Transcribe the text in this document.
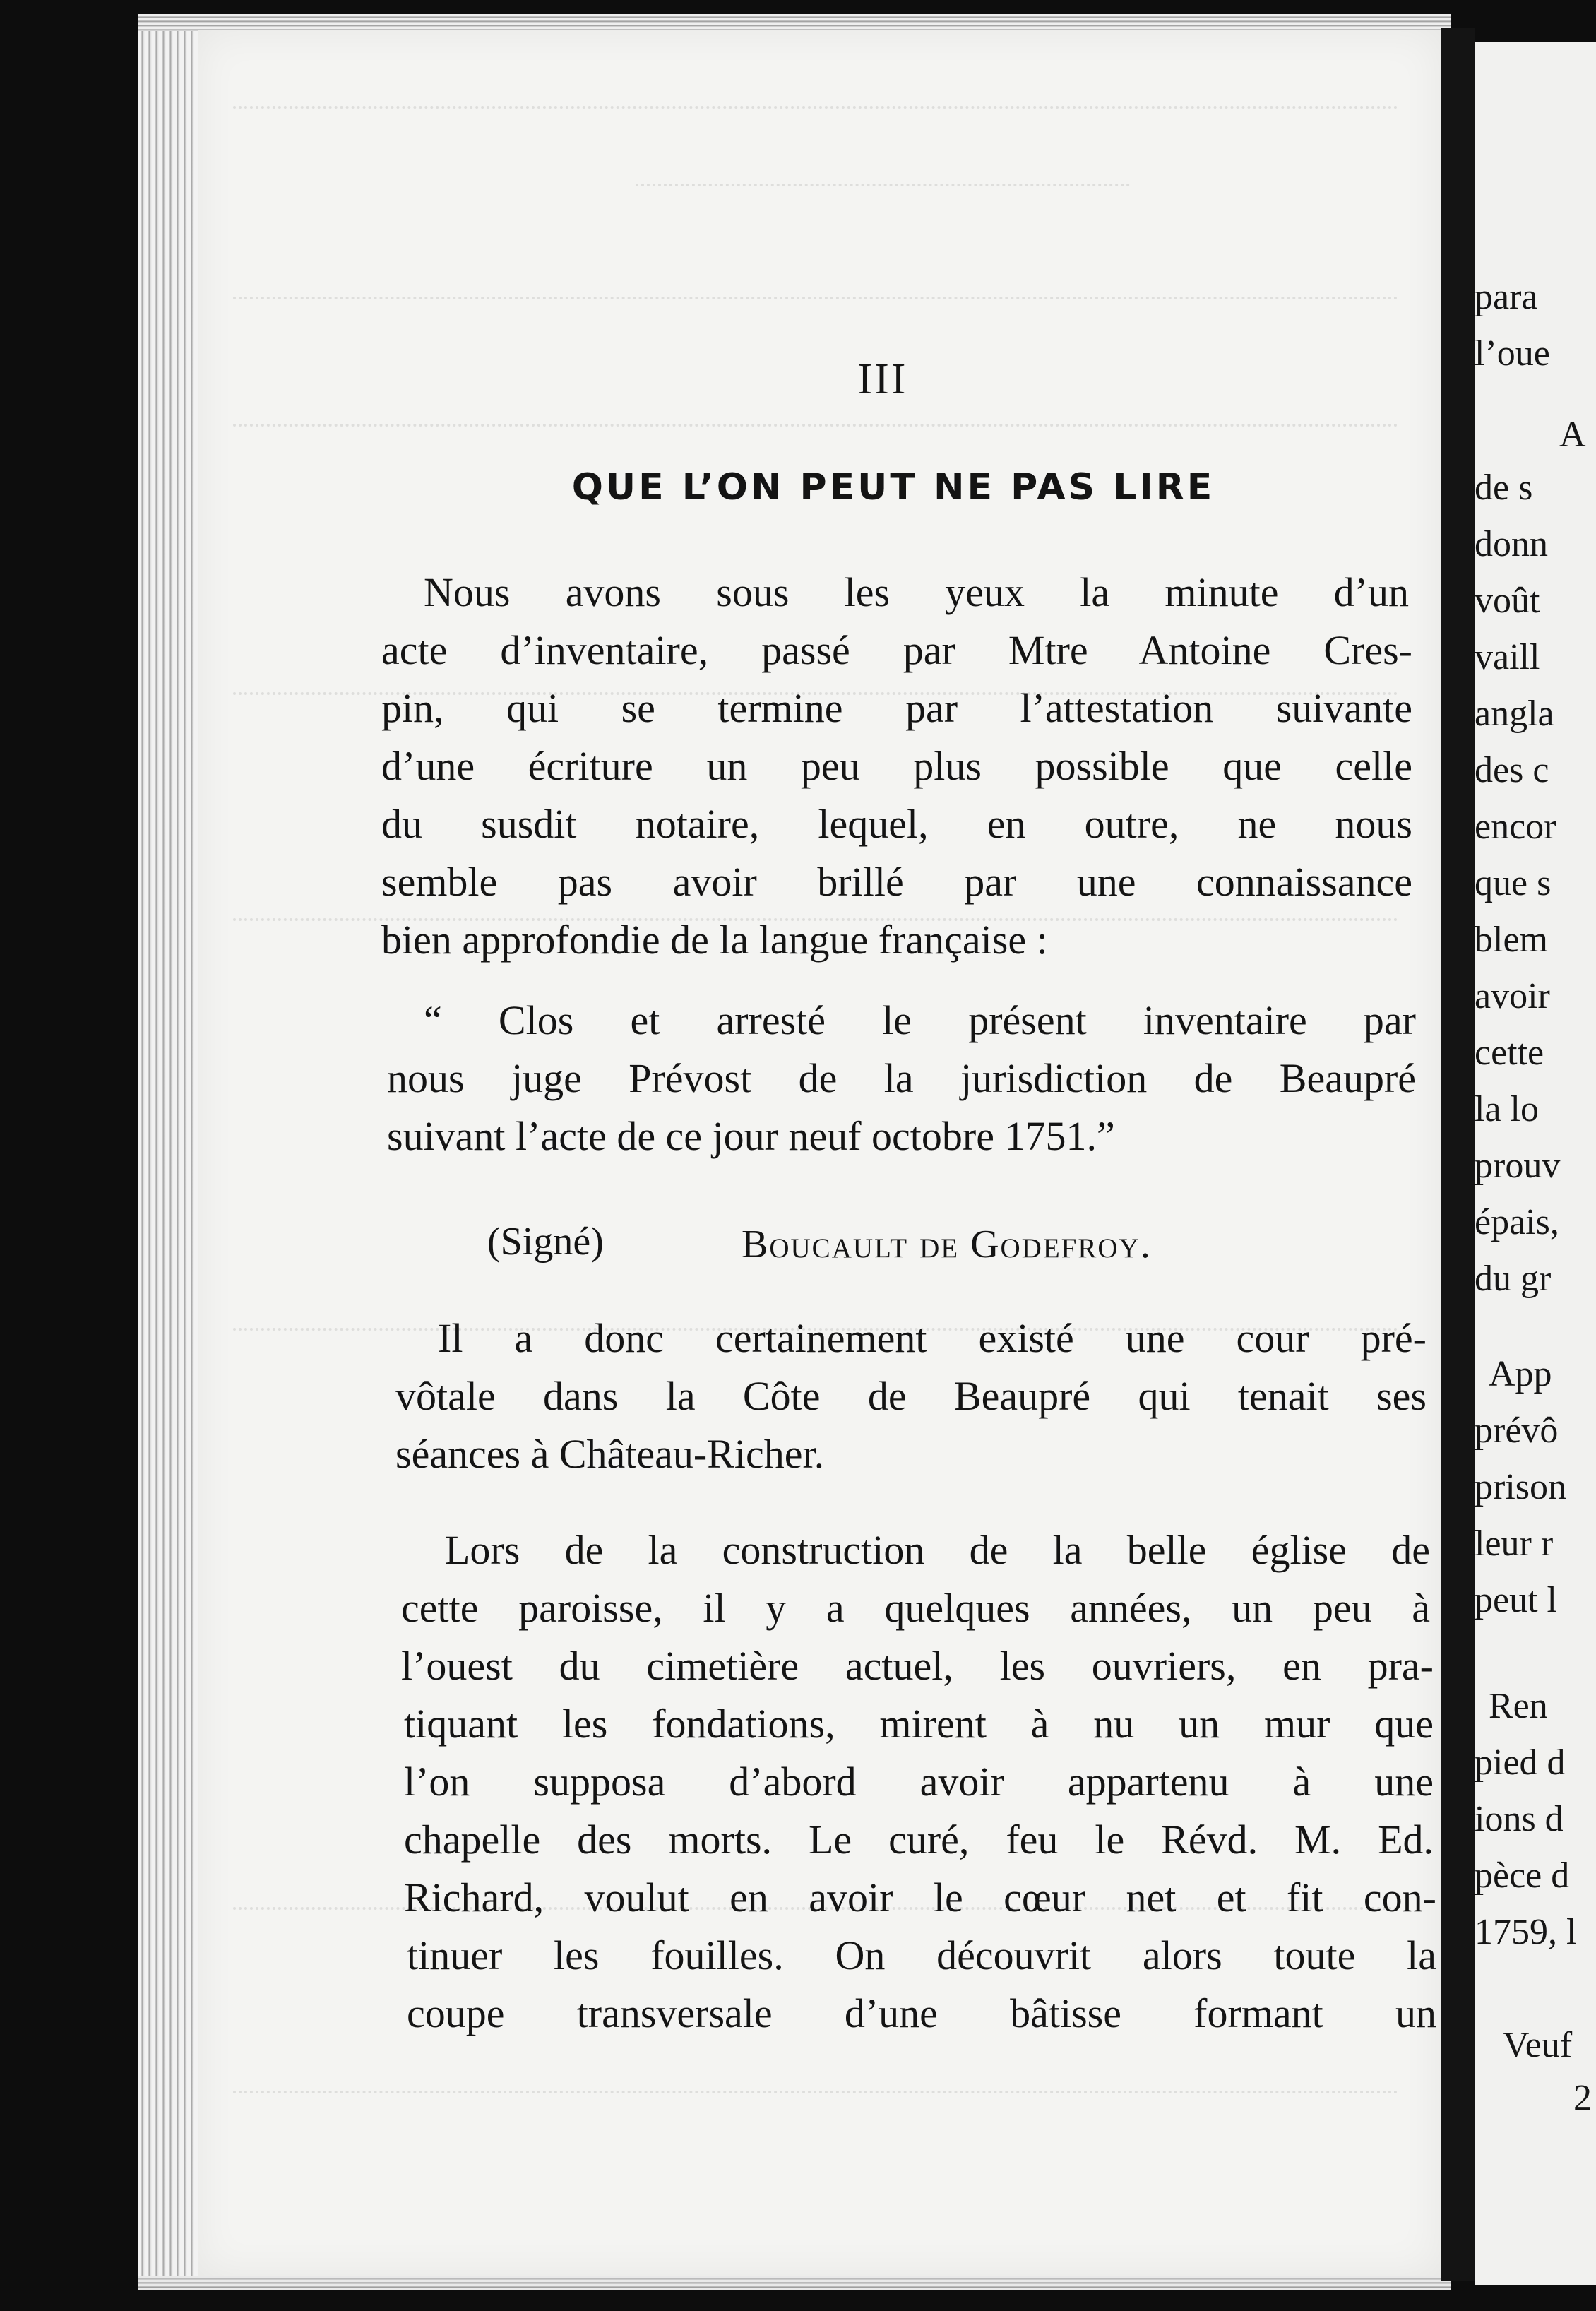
III
QUE L’ON PEUT NE PAS LIRE
Nous avons sous les yeux la minute d’un
acte d’inventaire, passé par Mtre Antoine Cres-
pin, qui se termine par l’attestation suivante
d’une écriture un peu plus possible que celle
du susdit notaire, lequel, en outre, ne nous
semble pas avoir brillé par une connaissance
bien approfondie de la langue française :
“ Clos et arresté le présent inventaire par
nous juge Prévost de la jurisdiction de Beaupré
suivant l’acte de ce jour neuf octobre 1751.”
(Signé)	Boucault de Godefroy.
Il a donc certainement existé une cour pré-
vôtale dans la Côte de Beaupré qui tenait ses
séances à Château-Richer.
Lors de la construction de la belle église de
cette paroisse, il y a quelques années, un peu à
l’ouest du cimetière actuel, les ouvriers, en pra-
tiquant les fondations, mirent à nu un mur que
l’on supposa d’abord avoir appartenu à une
chapelle des morts. Le curé, feu le Révd. M. Ed.
Richard, voulut en avoir le cœur net et fit con-
tinuer les fouilles. On découvrit alors toute la
coupe transversale d’une bâtisse formant un
para
l’oue
A
de s
donn
voût
vaill
angla
des c
encor
que s
blem
avoir
cette
la lo
prouv
épais,
du gr
App
prévô
prison
leur r
peut l
Ren
pied d
ions d
pèce d
1759, l
Veuf
2
